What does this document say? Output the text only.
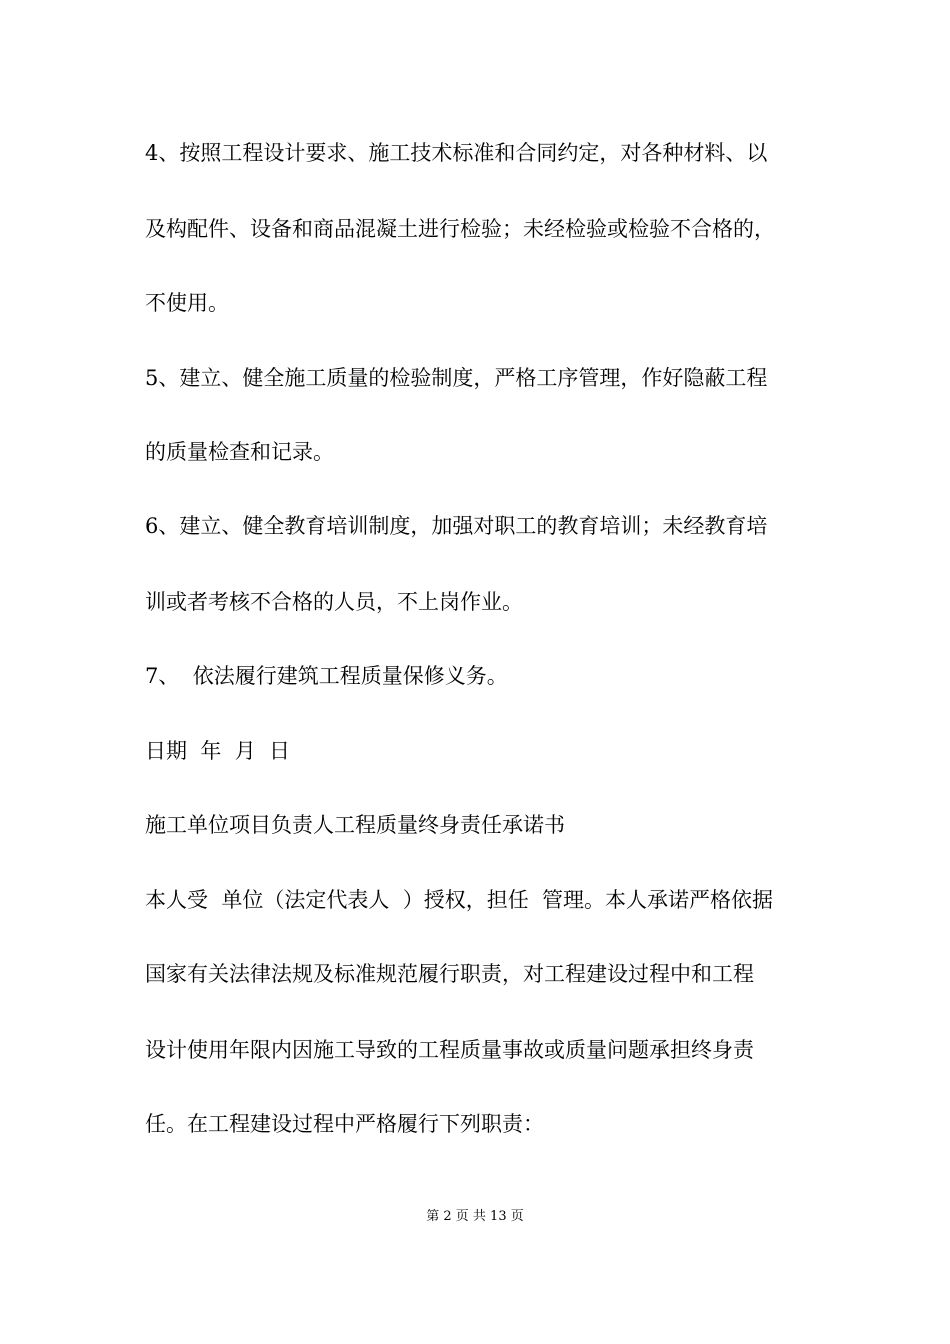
4、按照工程设计要求、施工技术标准和合同约定，对各种材料、以

及构配件、设备和商品混凝土进行检验；未经检验或检验不合格的，

不使用。

5、建立、健全施工质量的检验制度，严格工序管理，作好隐蔽工程

的质量检查和记录。

6、建立、健全教育培训制度，加强对职工的教育培训；未经教育培

训或者考核不合格的人员，不上岗作业。

7、  依法履行建筑工程质量保修义务。

日期  年  月  日

施工单位项目负责人工程质量终身责任承诺书

本人受  单位（法定代表人  ）授权，担任  管理。本人承诺严格依据

国家有关法律法规及标准规范履行职责，对工程建设过程中和工程

设计使用年限内因施工导致的工程质量事故或质量问题承担终身责

任。在工程建设过程中严格履行下列职责：

第 2 页 共 13 页
